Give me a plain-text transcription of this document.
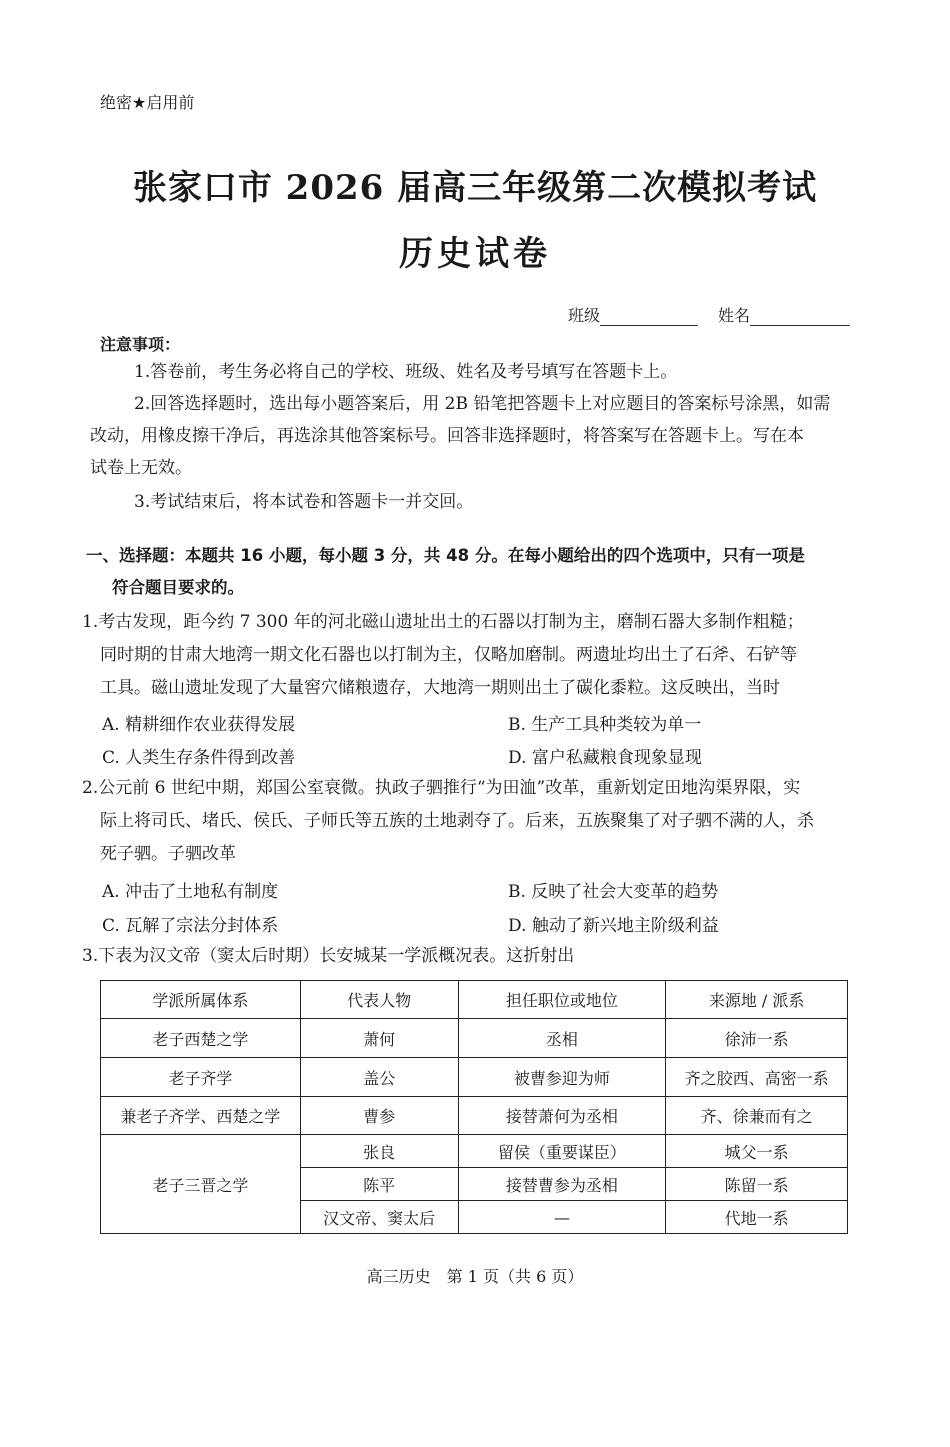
绝密★启用前
张家口市 2026 届高三年级第二次模拟考试
历史试卷
班级	姓名
注意事项：
1.答卷前，考生务必将自己的学校、班级、姓名及考号填写在答题卡上。
2.回答选择题时，选出每小题答案后，用 2B 铅笔把答题卡上对应题目的答案标号涂黑，如需
改动，用橡皮擦干净后，再选涂其他答案标号。回答非选择题时，将答案写在答题卡上。写在本
试卷上无效。
3.考试结束后，将本试卷和答题卡一并交回。
一、选择题：本题共 16 小题，每小题 3 分，共 48 分。在每小题给出的四个选项中，只有一项是
符合题目要求的。
1.考古发现，距今约 7 300 年的河北磁山遗址出土的石器以打制为主，磨制石器大多制作粗糙；
同时期的甘肃大地湾一期文化石器也以打制为主，仅略加磨制。两遗址均出土了石斧、石铲等
工具。磁山遗址发现了大量窖穴储粮遗存，大地湾一期则出土了碳化黍粒。这反映出，当时
A. 精耕细作农业获得发展	B. 生产工具种类较为单一
C. 人类生存条件得到改善	D. 富户私藏粮食现象显现
2.公元前 6 世纪中期，郑国公室衰微。执政子驷推行“为田洫”改革，重新划定田地沟渠界限，实
际上将司氏、堵氏、侯氏、子师氏等五族的土地剥夺了。后来，五族聚集了对子驷不满的人，杀
死子驷。子驷改革
A. 冲击了土地私有制度	B. 反映了社会大变革的趋势
C. 瓦解了宗法分封体系	D. 触动了新兴地主阶级利益
3.下表为汉文帝（窦太后时期）长安城某一学派概况表。这折射出
学派所属体系	代表人物	担任职位或地位	来源地 / 派系
老子西楚之学	萧何	丞相	徐沛一系
老子齐学	盖公	被曹参迎为师	齐之胶西、高密一系
兼老子齐学、西楚之学	曹参	接替萧何为丞相	齐、徐兼而有之
老子三晋之学	张良	留侯（重要谋臣）	城父一系
	陈平	接替曹参为丞相	陈留一系
	汉文帝、窦太后	—	代地一系
高三历史　第 1 页（共 6 页）
